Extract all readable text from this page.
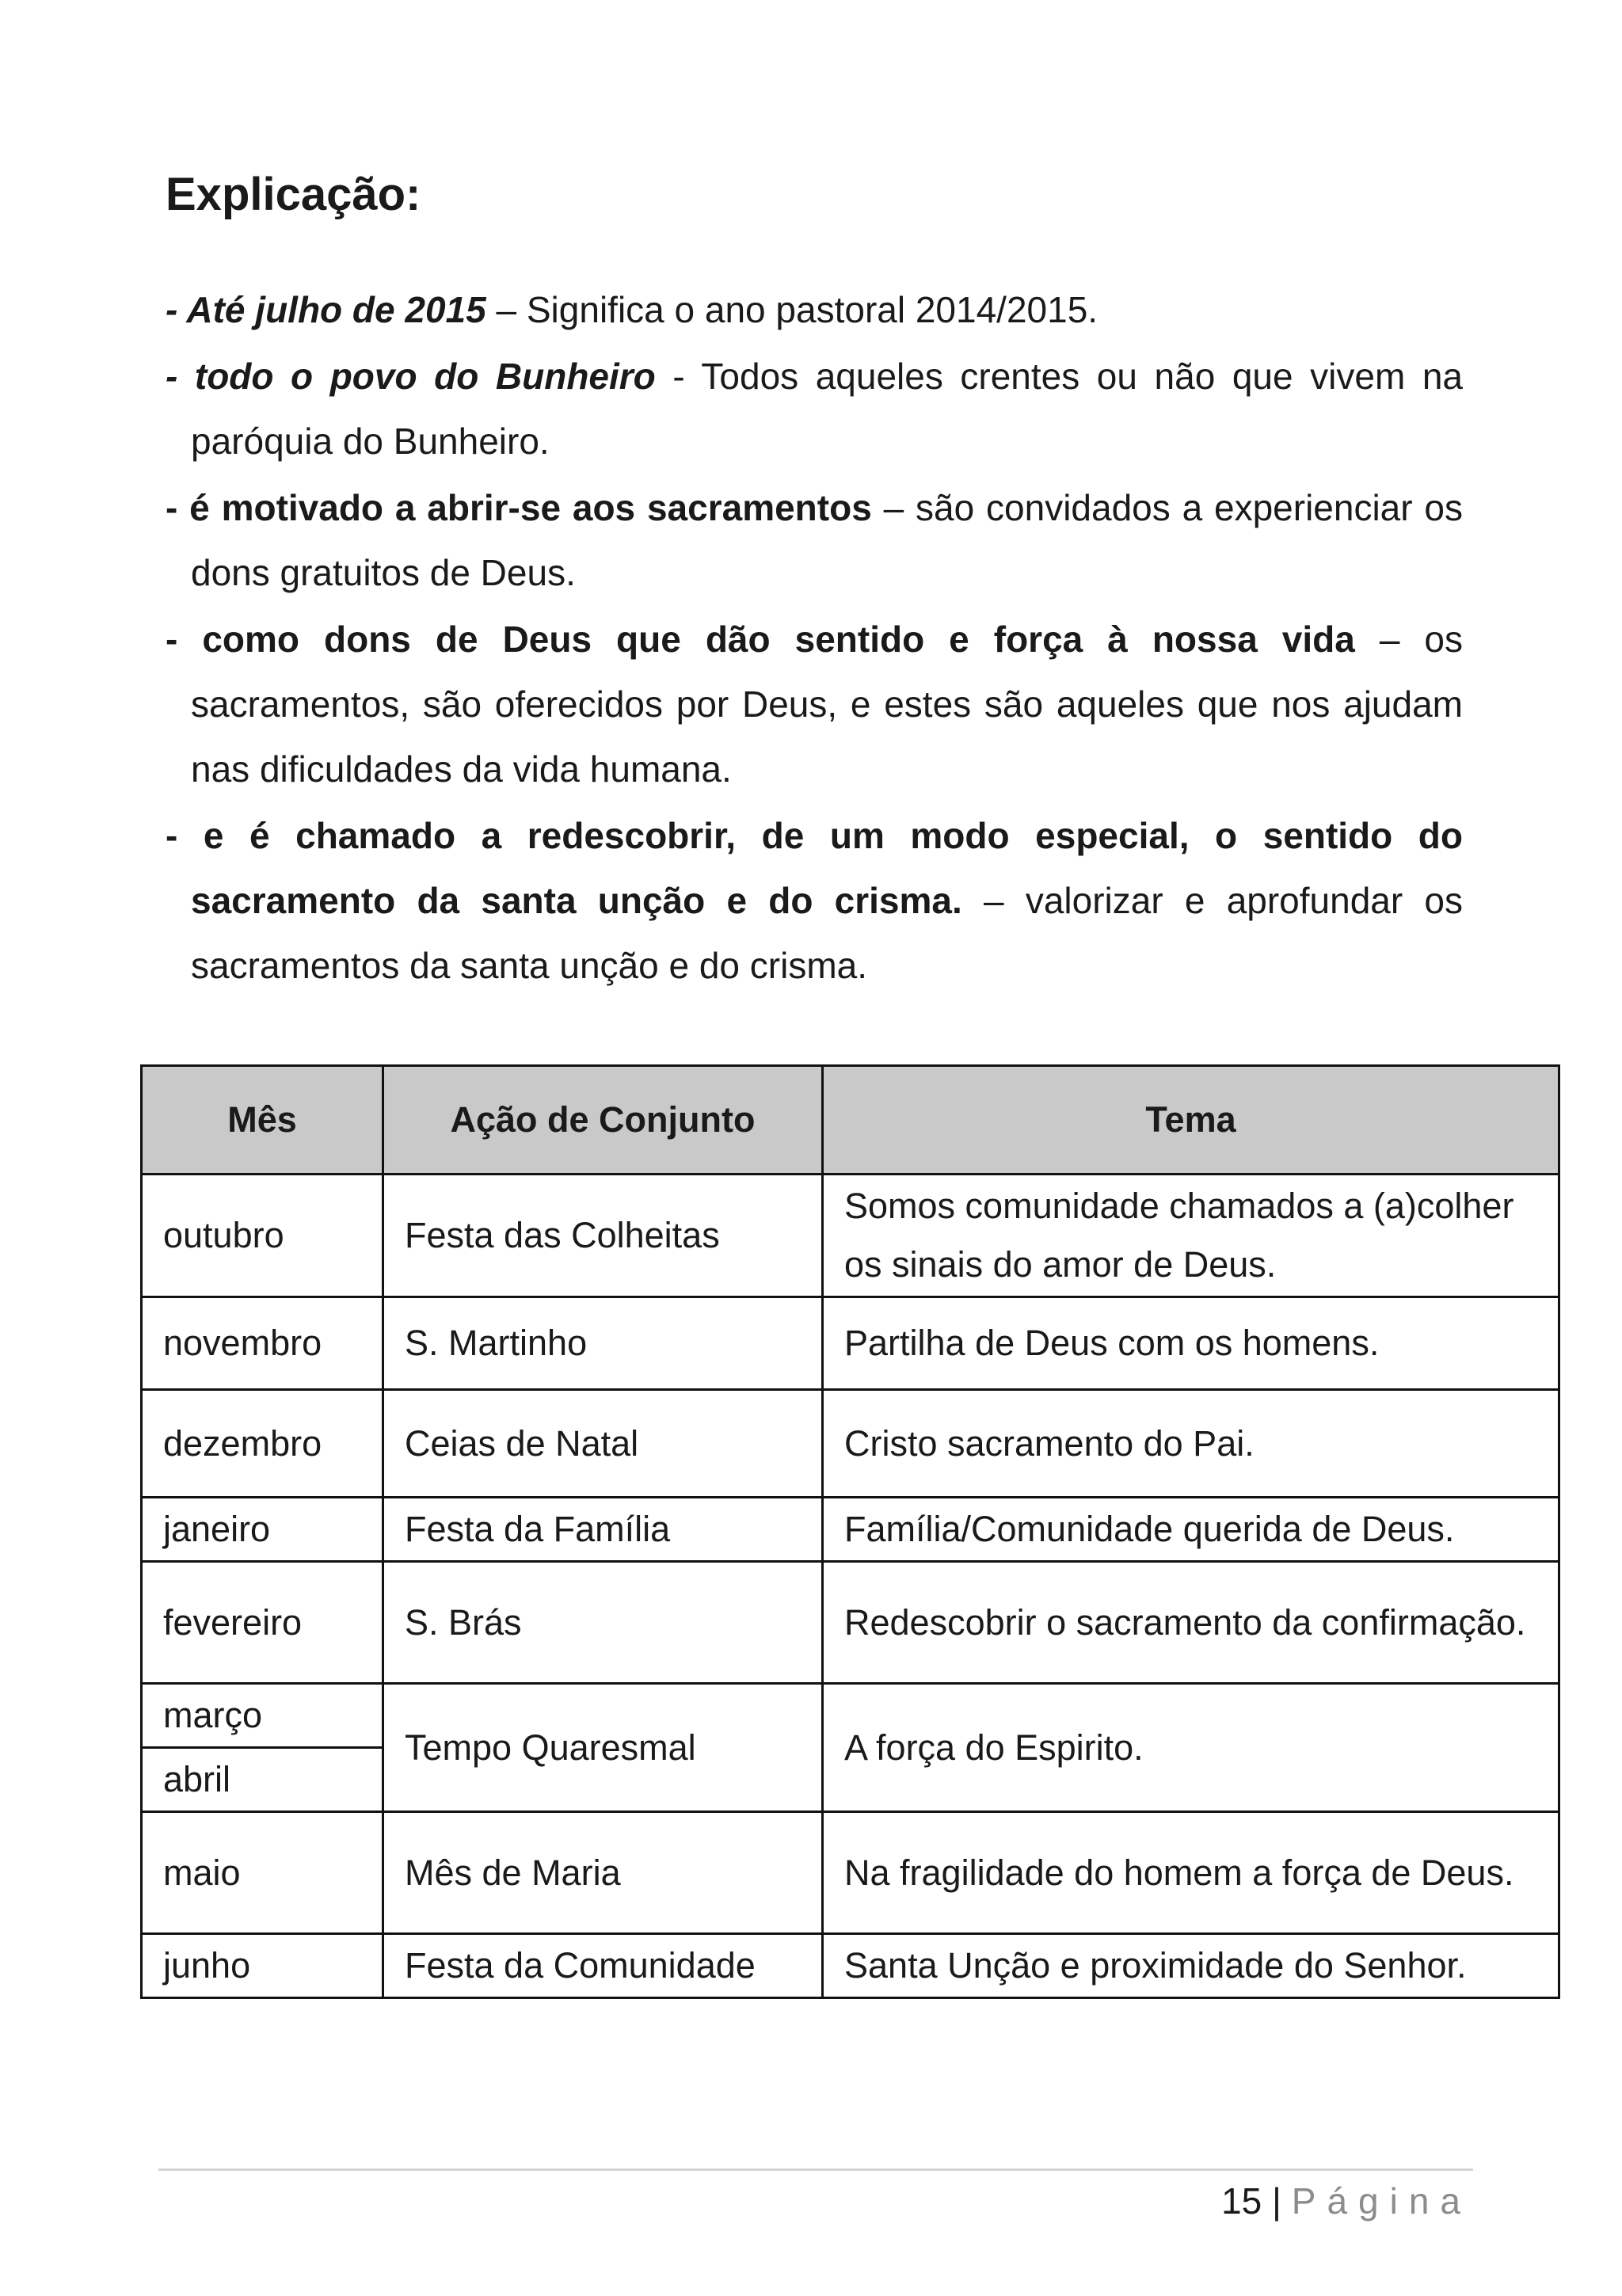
Explicação:

- Até julho de 2015 – Significa o ano pastoral 2014/2015.

- todo o povo do Bunheiro - Todos aqueles crentes ou não que vivem na paróquia do Bunheiro.

- é motivado a abrir-se aos sacramentos – são convidados a experienciar os dons gratuitos de Deus.

- como dons de Deus que dão sentido e força à nossa vida – os sacramentos, são oferecidos por Deus, e estes são aqueles que nos ajudam nas dificuldades da vida humana.

- e é chamado a redescobrir, de um modo especial, o sentido do sacramento da santa unção e do crisma. – valorizar e aprofundar os sacramentos da santa unção e do crisma.

Mês	Ação de Conjunto	Tema
outubro	Festa das Colheitas	Somos comunidade chamados a (a)colher os sinais do amor de Deus.
novembro	S. Martinho	Partilha de Deus com os homens.
dezembro	Ceias de Natal	Cristo sacramento do Pai.
janeiro	Festa da Família	Família/Comunidade querida de Deus.
fevereiro	S. Brás	Redescobrir o sacramento da confirmação.
março	Tempo Quaresmal	A força do Espirito.
abril		
maio	Mês de Maria	Na fragilidade do homem a força de Deus.
junho	Festa da Comunidade	Santa Unção e proximidade do Senhor.
15 | Página
